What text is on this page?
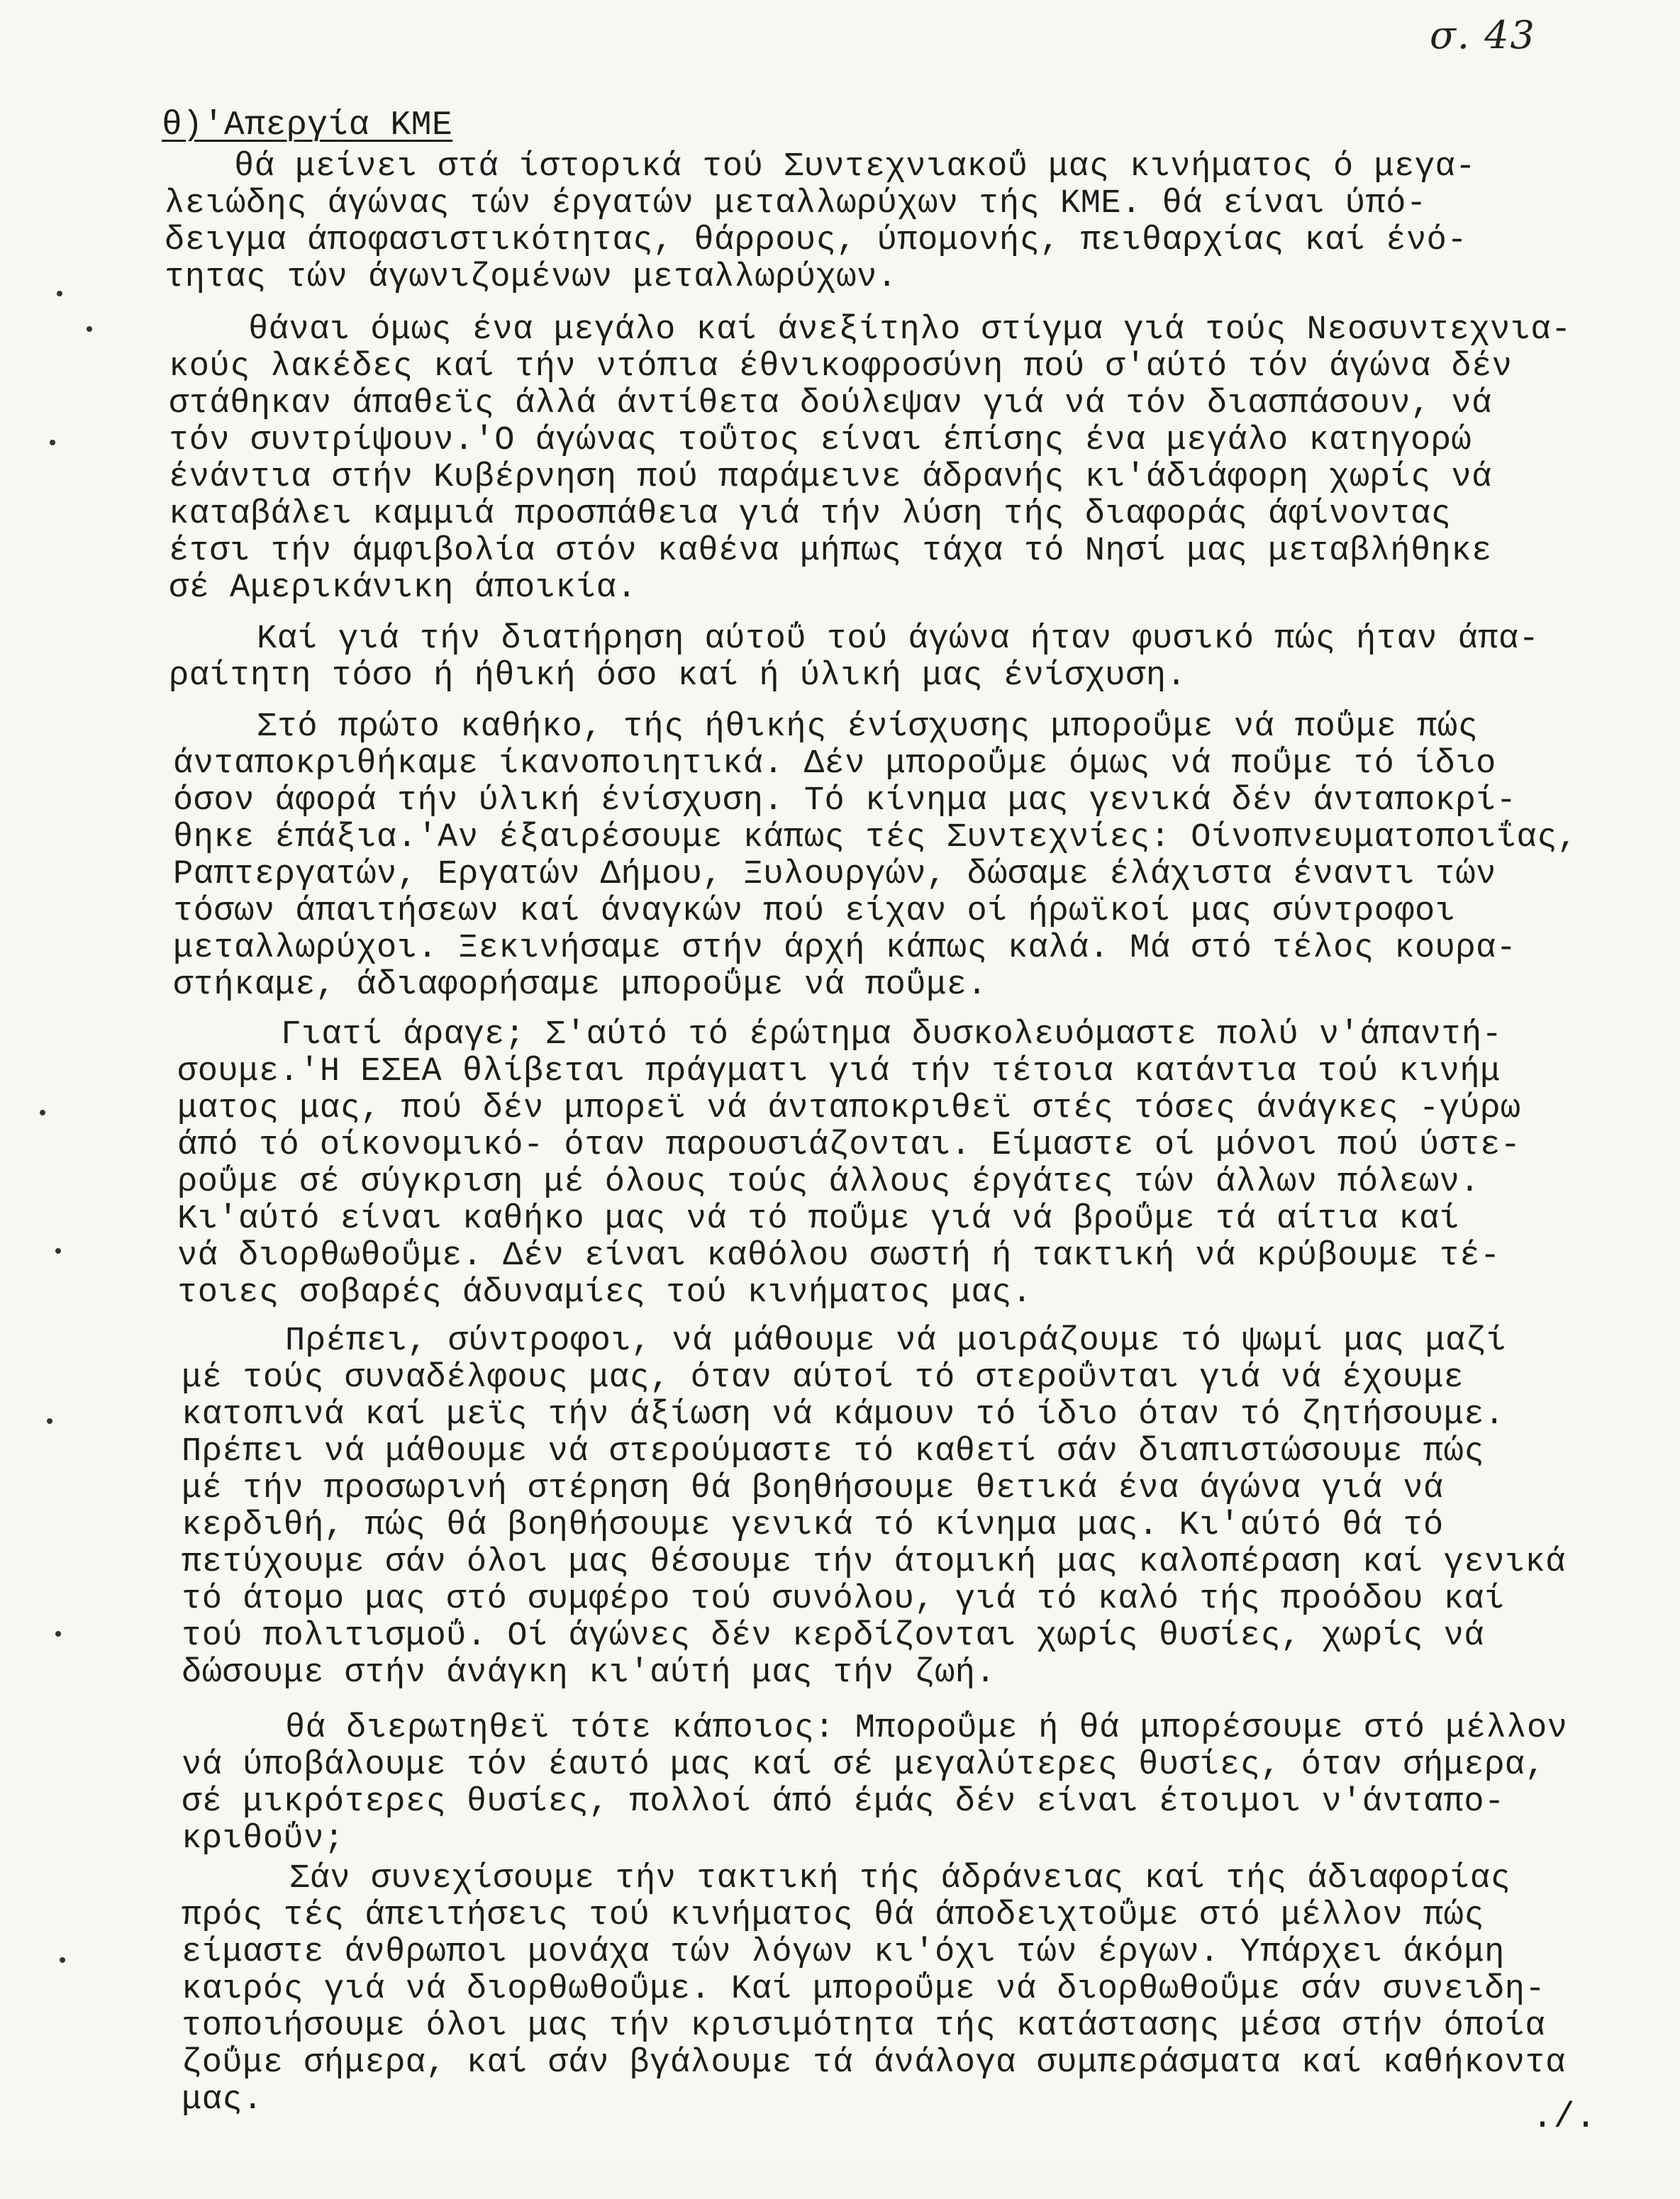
σ. 43
θ)'Απεργία ΚΜΕ

θά μείνει στά ίστορικά τού Συντεχνιακοΰ μας κινήματος ό μεγα-

λειώδης άγώνας τών έργατών μεταλλωρύχων τής ΚΜΕ. θά είναι ύπό-

δειγμα άποφασιστικότητας, θάρρους, ύπομονής, πειθαρχίας καί ένό-

τητας τών άγωνιζομένων μεταλλωρύχων.

θάναι όμως ένα μεγάλο καί άνεξίτηλο στίγμα γιά τούς Νεοσυντεχνια-

κούς λακέδες καί τήν ντόπια έθνικοφροσύνη πού σ'αύτό τόν άγώνα δέν

στάθηκαν άπαθεϊς άλλά άντίθετα δούλεψαν γιά νά τόν διασπάσουν, νά

τόν συντρίψουν.'Ο άγώνας τοΰτος είναι έπίσης ένα μεγάλο κατηγορώ

ένάντια στήν Κυβέρνηση πού παράμεινε άδρανής κι'άδιάφορη χωρίς νά

καταβάλει καμμιά προσπάθεια γιά τήν λύση τής διαφοράς άφίνοντας

έτσι τήν άμφιβολία στόν καθένα μήπως τάχα τό Νησί μας μεταβλήθηκε

σέ Αμερικάνικη άποικία.

Καί γιά τήν διατήρηση αύτοΰ τού άγώνα ήταν φυσικό πώς ήταν άπα-

ραίτητη τόσο ή ήθική όσο καί ή ύλική μας ένίσχυση.

Στό πρώτο καθήκο, τής ήθικής ένίσχυσης μποροΰμε νά ποΰμε πώς

άνταποκριθήκαμε ίκανοποιητικά. Δέν μποροΰμε όμως νά ποΰμε τό ίδιο

όσον άφορά τήν ύλική ένίσχυση. Τό κίνημα μας γενικά δέν άνταποκρί-

θηκε έπάξια.'Αν έξαιρέσουμε κάπως τές Συντεχνίες: Οίνοπνευματοποιΐας,

Ραπτεργατών, Εργατών Δήμου, Ξυλουργών, δώσαμε έλάχιστα έναντι τών

τόσων άπαιτήσεων καί άναγκών πού είχαν οί ήρωϊκοί μας σύντροφοι

μεταλλωρύχοι. Ξεκινήσαμε στήν άρχή κάπως καλά. Μά στό τέλος κουρα-

στήκαμε, άδιαφορήσαμε μποροΰμε νά ποΰμε.

Γιατί άραγε; Σ'αύτό τό έρώτημα δυσκολευόμαστε πολύ ν'άπαντή-

σουμε.'Η ΕΣΕΑ θλίβεται πράγματι γιά τήν τέτοια κατάντια τού κινήμ

ματος μας, πού δέν μπορεϊ νά άνταποκριθεϊ στές τόσες άνάγκες -γύρω

άπό τό οίκονομικό- όταν παρουσιάζονται. Είμαστε οί μόνοι πού ύστε-

ροΰμε σέ σύγκριση μέ όλους τούς άλλους έργάτες τών άλλων πόλεων.

Κι'αύτό είναι καθήκο μας νά τό ποΰμε γιά νά βροΰμε τά αίτια καί

νά διορθωθοΰμε. Δέν είναι καθόλου σωστή ή τακτική νά κρύβουμε τέ-

τοιες σοβαρές άδυναμίες τού κινήματος μας.

Πρέπει, σύντροφοι, νά μάθουμε νά μοιράζουμε τό ψωμί μας μαζί

μέ τούς συναδέλφους μας, όταν αύτοί τό στεροΰνται γιά νά έχουμε

κατοπινά καί μεϊς τήν άξίωση νά κάμουν τό ίδιο όταν τό ζητήσουμε.

Πρέπει νά μάθουμε νά στερούμαστε τό καθετί σάν διαπιστώσουμε πώς

μέ τήν προσωρινή στέρηση θά βοηθήσουμε θετικά ένα άγώνα γιά νά

κερδιθή, πώς θά βοηθήσουμε γενικά τό κίνημα μας. Κι'αύτό θά τό

πετύχουμε σάν όλοι μας θέσουμε τήν άτομική μας καλοπέραση καί γενικά

τό άτομο μας στό συμφέρο τού συνόλου, γιά τό καλό τής προόδου καί

τού πολιτισμοΰ. Οί άγώνες δέν κερδίζονται χωρίς θυσίες, χωρίς νά

δώσουμε στήν άνάγκη κι'αύτή μας τήν ζωή.

θά διερωτηθεϊ τότε κάποιος: Μποροΰμε ή θά μπορέσουμε στό μέλλον

νά ύποβάλουμε τόν έαυτό μας καί σέ μεγαλύτερες θυσίες, όταν σήμερα,

σέ μικρότερες θυσίες, πολλοί άπό έμάς δέν είναι έτοιμοι ν'άνταπο-

κριθοΰν;

Σάν συνεχίσουμε τήν τακτική τής άδράνειας καί τής άδιαφορίας

πρός τές άπειτήσεις τού κινήματος θά άποδειχτοΰμε στό μέλλον πώς

είμαστε άνθρωποι μονάχα τών λόγων κι'όχι τών έργων. Υπάρχει άκόμη

καιρός γιά νά διορθωθοΰμε. Καί μποροΰμε νά διορθωθοΰμε σάν συνειδη-

τοποιήσουμε όλοι μας τήν κρισιμότητα τής κατάστασης μέσα στήν όποία

ζοΰμε σήμερα, καί σάν βγάλουμε τά άνάλογα συμπεράσματα καί καθήκοντα

μας.

	./.
